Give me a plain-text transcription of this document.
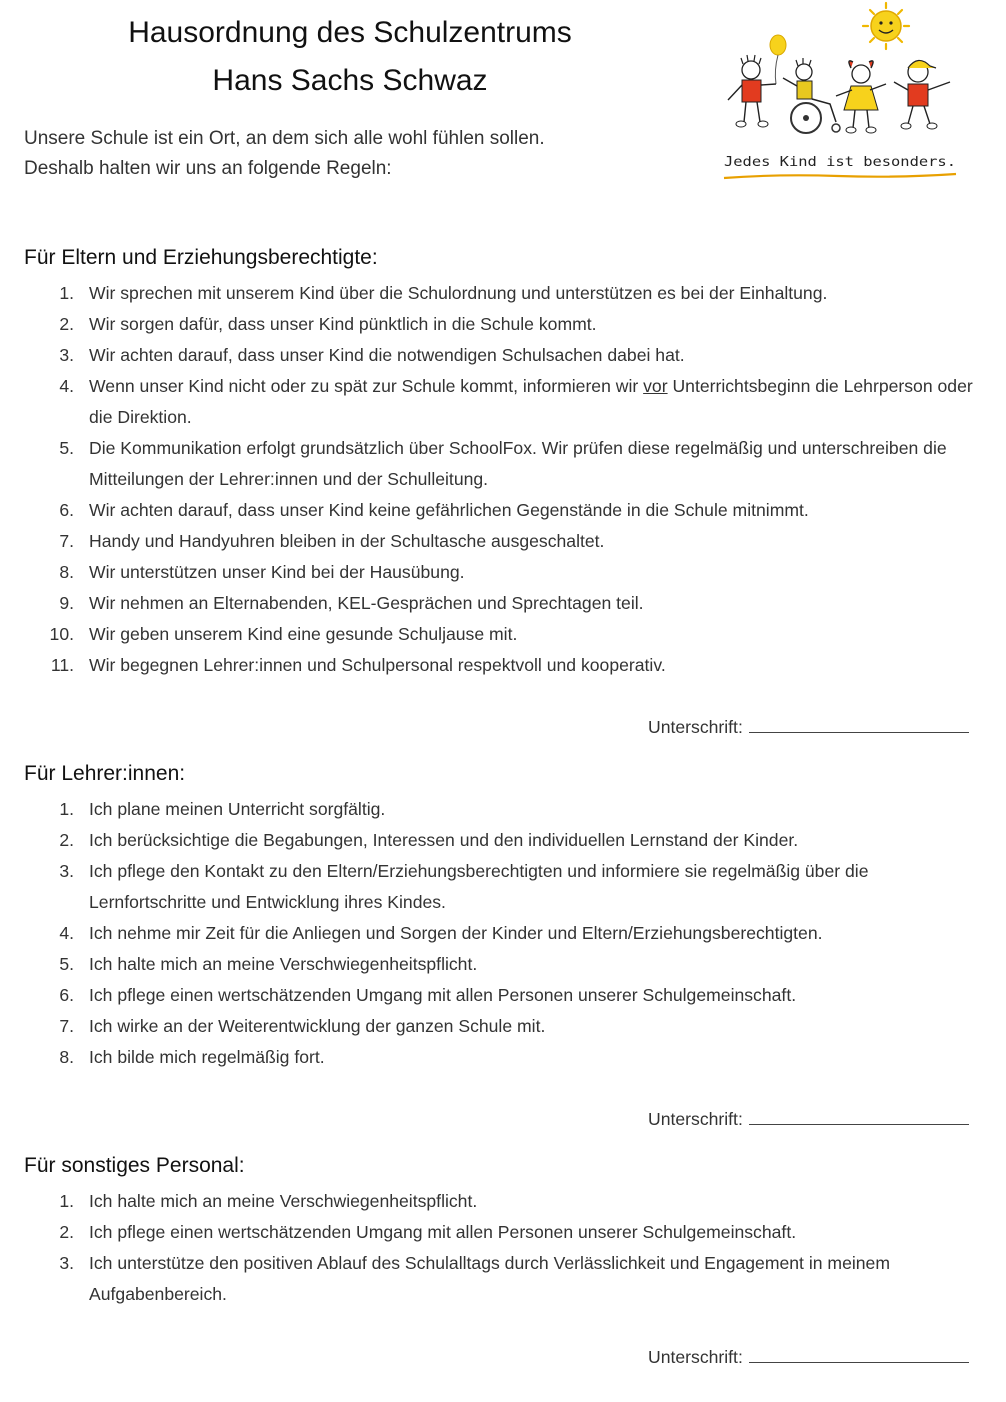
Hausordnung des Schulzentrums
Hans Sachs Schwaz
Unsere Schule ist ein Ort, an dem sich alle wohl fühlen sollen.
Deshalb halten wir uns an folgende Regeln:	Jedes Kind ist besonders.
Für Eltern und Erziehungsberechtigte:
1. Wir sprechen mit unserem Kind über die Schulordnung und unterstützen es bei der Einhaltung.
2. Wir sorgen dafür, dass unser Kind pünktlich in die Schule kommt.
3. Wir achten darauf, dass unser Kind die notwendigen Schulsachen dabei hat.
4. Wenn unser Kind nicht oder zu spät zur Schule kommt, informieren wir vor Unterrichtsbeginn die Lehrperson oder die Direktion.
5. Die Kommunikation erfolgt grundsätzlich über SchoolFox. Wir prüfen diese regelmäßig und unterschreiben die Mitteilungen der Lehrer:innen und der Schulleitung.
6. Wir achten darauf, dass unser Kind keine gefährlichen Gegenstände in die Schule mitnimmt.
7. Handy und Handyuhren bleiben in der Schultasche ausgeschaltet.
8. Wir unterstützen unser Kind bei der Hausübung.
9. Wir nehmen an Elternabenden, KEL-Gesprächen und Sprechtagen teil.
10. Wir geben unserem Kind eine gesunde Schuljause mit.
11. Wir begegnen Lehrer:innen und Schulpersonal respektvoll und kooperativ.
Unterschrift:
Für Lehrer:innen:
1. Ich plane meinen Unterricht sorgfältig.
2. Ich berücksichtige die Begabungen, Interessen und den individuellen Lernstand der Kinder.
3. Ich pflege den Kontakt zu den Eltern/Erziehungsberechtigten und informiere sie regelmäßig über die Lernfortschritte und Entwicklung ihres Kindes.
4. Ich nehme mir Zeit für die Anliegen und Sorgen der Kinder und Eltern/Erziehungsberechtigten.
5. Ich halte mich an meine Verschwiegenheitspflicht.
6. Ich pflege einen wertschätzenden Umgang mit allen Personen unserer Schulgemeinschaft.
7. Ich wirke an der Weiterentwicklung der ganzen Schule mit.
8. Ich bilde mich regelmäßig fort.
Unterschrift:
Für sonstiges Personal:
1. Ich halte mich an meine Verschwiegenheitspflicht.
2. Ich pflege einen wertschätzenden Umgang mit allen Personen unserer Schulgemeinschaft.
3. Ich unterstütze den positiven Ablauf des Schulalltags durch Verlässlichkeit und Engagement in meinem Aufgabenbereich.
Unterschrift:
